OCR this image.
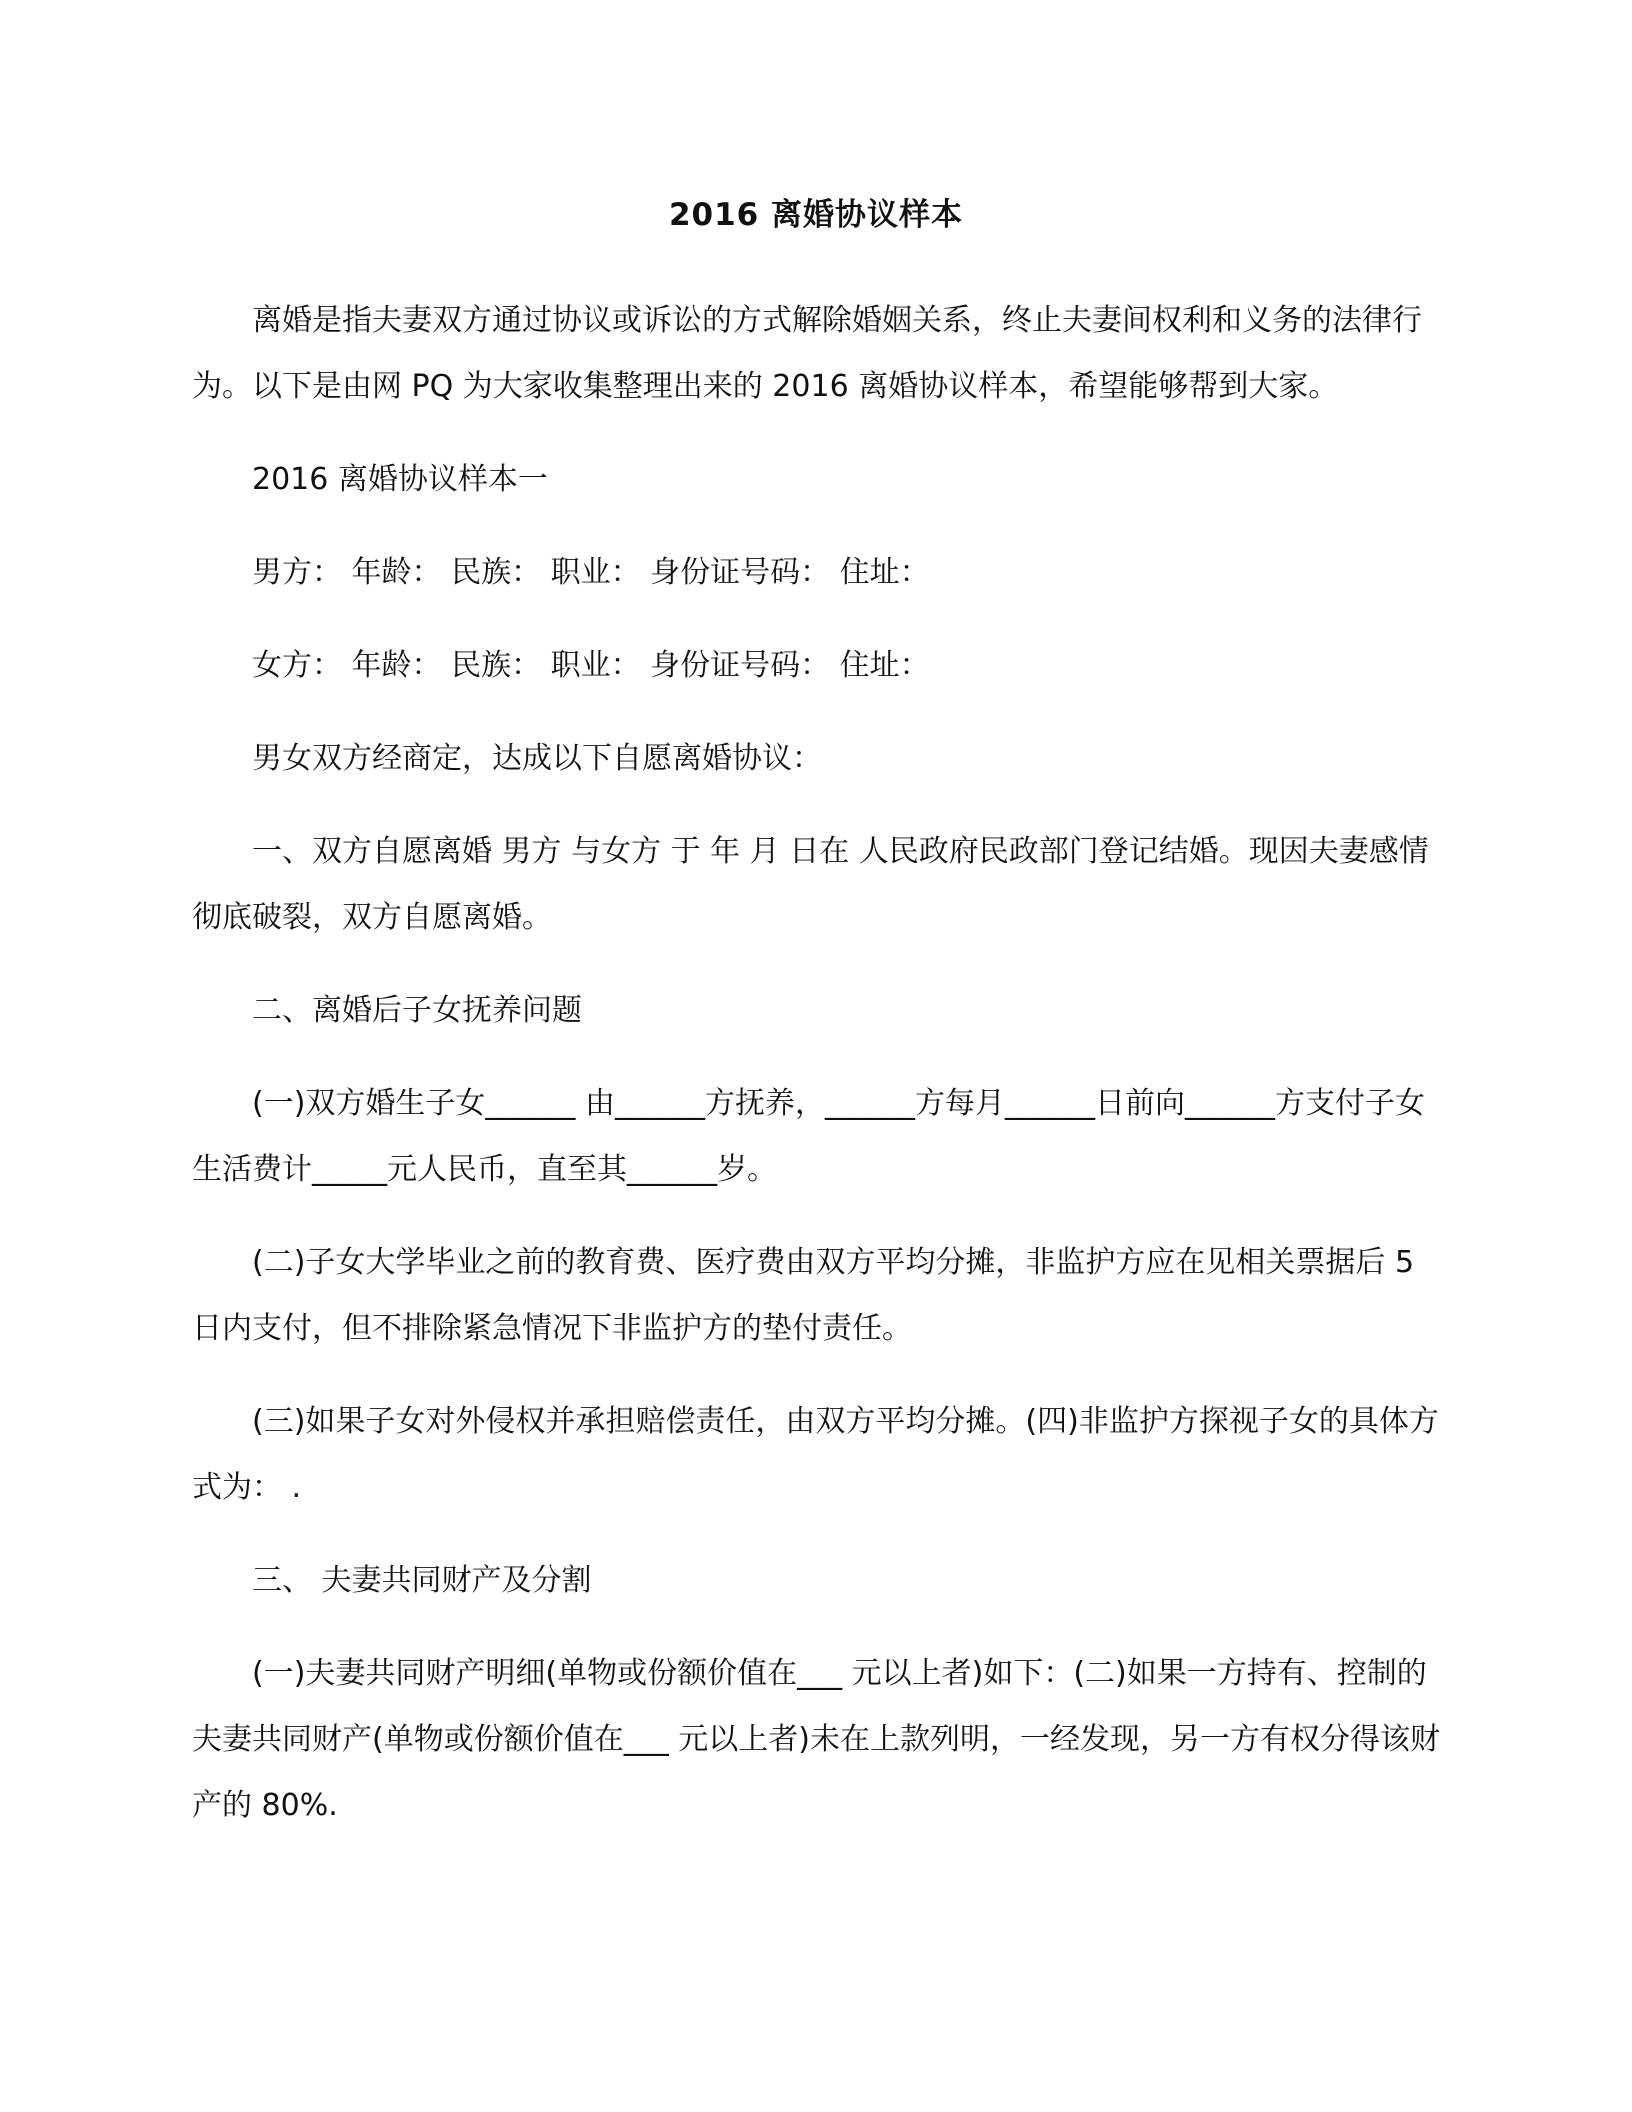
2016 离婚协议样本

离婚是指夫妻双方通过协议或诉讼的方式解除婚姻关系，终止夫妻间权利和义务的法律行为。以下是由网 PQ 为大家收集整理出来的 2016 离婚协议样本，希望能够帮到大家。

2016 离婚协议样本一

男方： 年龄： 民族： 职业： 身份证号码： 住址：

女方： 年龄： 民族： 职业： 身份证号码： 住址：

男女双方经商定，达成以下自愿离婚协议：

一、双方自愿离婚 男方 与女方 于 年 月 日在 人民政府民政部门登记结婚。现因夫妻感情彻底破裂，双方自愿离婚。

二、离婚后子女抚养问题

(一)双方婚生子女______ 由______方抚养，______方每月______日前向______方支付子女生活费计_____元人民币，直至其______岁。

(二)子女大学毕业之前的教育费、医疗费由双方平均分摊，非监护方应在见相关票据后 5 日内支付，但不排除紧急情况下非监护方的垫付责任。

(三)如果子女对外侵权并承担赔偿责任，由双方平均分摊。(四)非监护方探视子女的具体方式为： .

三、 夫妻共同财产及分割

(一)夫妻共同财产明细(单物或份额价值在___ 元以上者)如下：(二)如果一方持有、控制的夫妻共同财产(单物或份额价值在___ 元以上者)未在上款列明，一经发现，另一方有权分得该财产的 80%.
